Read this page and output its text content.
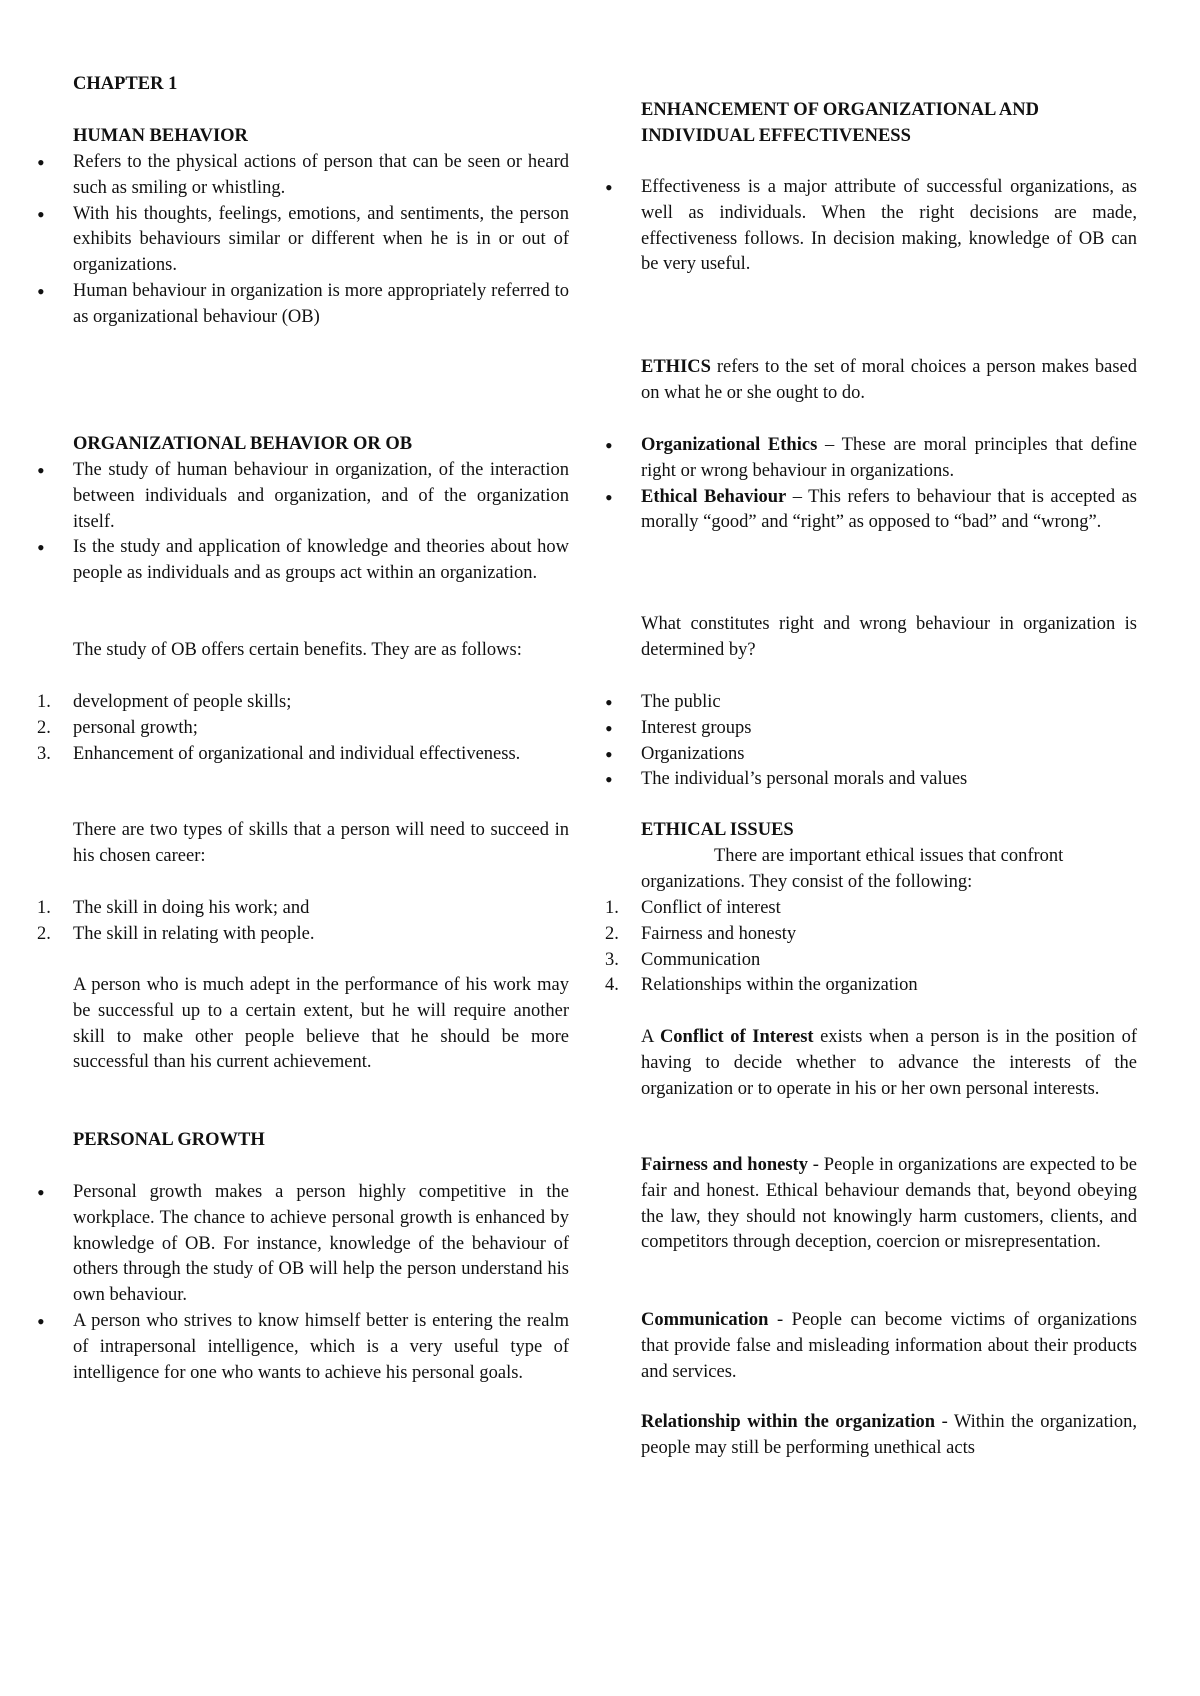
CHAPTER 1

HUMAN BEHAVIOR

• Refers to the physical actions of person that can be seen or heard such as smiling or whistling.
• With his thoughts, feelings, emotions, and sentiments, the person exhibits behaviours similar or different when he is in or out of organizations.
• Human behaviour in organization is more appropriately referred to as organizational behaviour (OB)

ORGANIZATIONAL BEHAVIOR OR OB

• The study of human behaviour in organization, of the interaction between individuals and organization, and of the organization itself.
• Is the study and application of knowledge and theories about how people as individuals and as groups act within an organization.

The study of OB offers certain benefits. They are as follows:

1. development of people skills;
2. personal growth;
3. Enhancement of organizational and individual effectiveness.

There are two types of skills that a person will need to succeed in his chosen career:

1. The skill in doing his work; and
2. The skill in relating with people.

A person who is much adept in the performance of his work may be successful up to a certain extent, but he will require another skill to make other people believe that he should be more successful than his current achievement.

PERSONAL GROWTH

• Personal growth makes a person highly competitive in the workplace. The chance to achieve personal growth is enhanced by knowledge of OB. For instance, knowledge of the behaviour of others through the study of OB will help the person understand his own behaviour.
• A person who strives to know himself better is entering the realm of intrapersonal intelligence, which is a very useful type of intelligence for one who wants to achieve his personal goals.

ENHANCEMENT OF ORGANIZATIONAL AND
INDIVIDUAL EFFECTIVENESS

• Effectiveness is a major attribute of successful organizations, as well as individuals. When the right decisions are made, effectiveness follows. In decision making, knowledge of OB can be very useful.

ETHICS refers to the set of moral choices a person makes based on what he or she ought to do.

• Organizational Ethics – These are moral principles that define right or wrong behaviour in organizations.
• Ethical Behaviour – This refers to behaviour that is accepted as morally “good” and “right” as opposed to “bad” and “wrong”.

What constitutes right and wrong behaviour in organization is determined by?

• The public
• Interest groups
• Organizations
• The individual’s personal morals and values

ETHICAL ISSUES

There are important ethical issues that confront organizations. They consist of the following:

1. Conflict of interest
2. Fairness and honesty
3. Communication
4. Relationships within the organization

A Conflict of Interest exists when a person is in the position of having to decide whether to advance the interests of the organization or to operate in his or her own personal interests.

Fairness and honesty - People in organizations are expected to be fair and honest. Ethical behaviour demands that, beyond obeying the law, they should not knowingly harm customers, clients, and competitors through deception, coercion or misrepresentation.

Communication - People can become victims of organizations that provide false and misleading information about their products and services.

Relationship within the organization - Within the organization, people may still be performing unethical acts
